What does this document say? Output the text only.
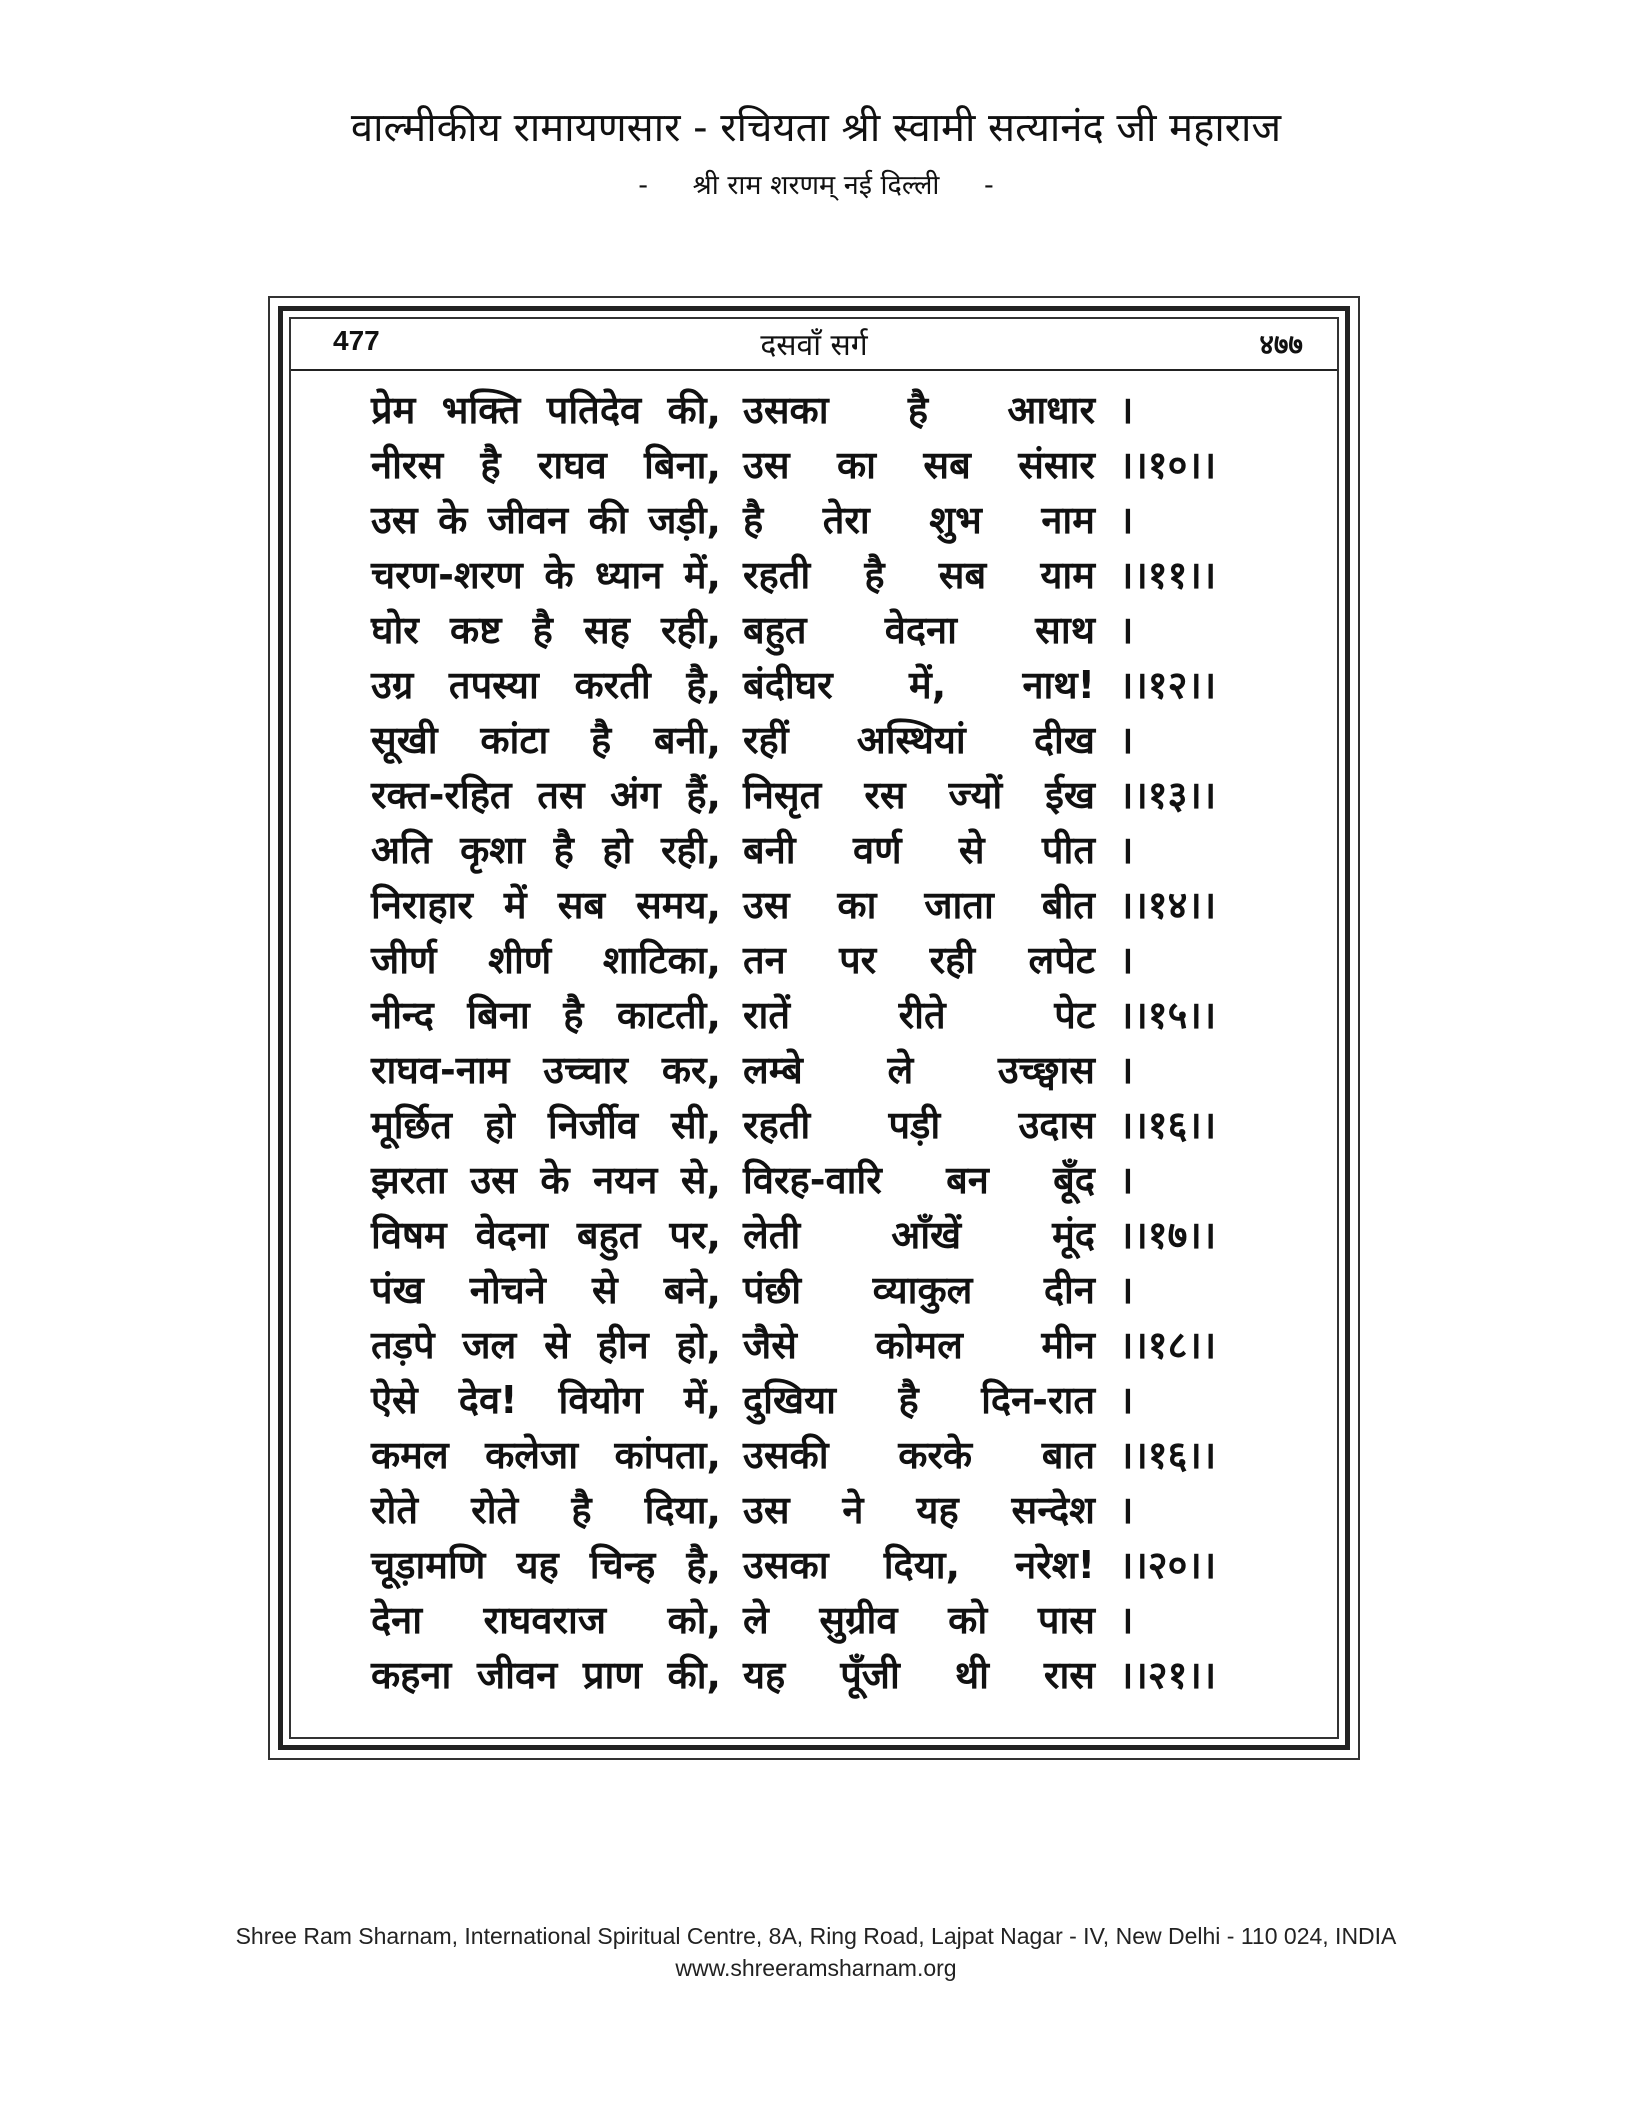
वाल्मीकीय रामायणसार - रचियता श्री स्वामी सत्यानंद जी महाराज
- श्री राम शरणम् नई दिल्ली -
477	दसवाँ सर्ग	४७७
प्रेम भक्ति पतिदेव की, उसका है आधार ।
नीरस है राघव बिना, उस का सब संसार ।।१०।।
उस के जीवन की जड़ी, है तेरा शुभ नाम ।
चरण-शरण के ध्यान में, रहती है सब याम ।।११।।
घोर कष्ट है सह रही, बहुत वेदना साथ ।
उग्र तपस्या करती है, बंदीघर में, नाथ! ।।१२।।
सूखी कांटा है बनी, रहीं अस्थियां दीख ।
रक्त-रहित तस अंग हैं, निसृत रस ज्यों ईख ।।१३।।
अति कृशा है हो रही, बनी वर्ण से पीत ।
निराहार में सब समय, उस का जाता बीत ।।१४।।
जीर्ण शीर्ण शाटिका, तन पर रही लपेट ।
नीन्द बिना है काटती, रातें	रीते	पेट ।।१५।।
राघव-नाम उच्चार कर, लम्बे ले उच्छ्वास ।
मूर्छित हो निर्जीव सी, रहती पड़ी उदास ।।१६।।
झरता उस के नयन से, विरह-वारि बन बूँद ।
विषम वेदना बहुत पर, लेती आँखें मूंद ।।१७।।
पंख नोचने से बने, पंछी व्याकुल दीन ।
तड़पे जल से हीन हो, जैसे कोमल मीन ।।१८।।
ऐसे देव! वियोग में, दुखिया है दिन-रात ।
कमल कलेजा कांपता, उसकी करके बात ।।१६।।
रोते रोते है दिया, उस ने यह सन्देश ।
चूड़ामणि यह चिन्ह है, उसका दिया, नरेश! ।।२०।।
देना राघवराज को, ले सुग्रीव को पास ।
कहना जीवन प्राण की, यह पूँजी थी रास ।।२१।।
Shree Ram Sharnam, International Spiritual Centre, 8A, Ring Road, Lajpat Nagar - IV, New Delhi - 110 024, INDIA
www.shreeramsharnam.org
